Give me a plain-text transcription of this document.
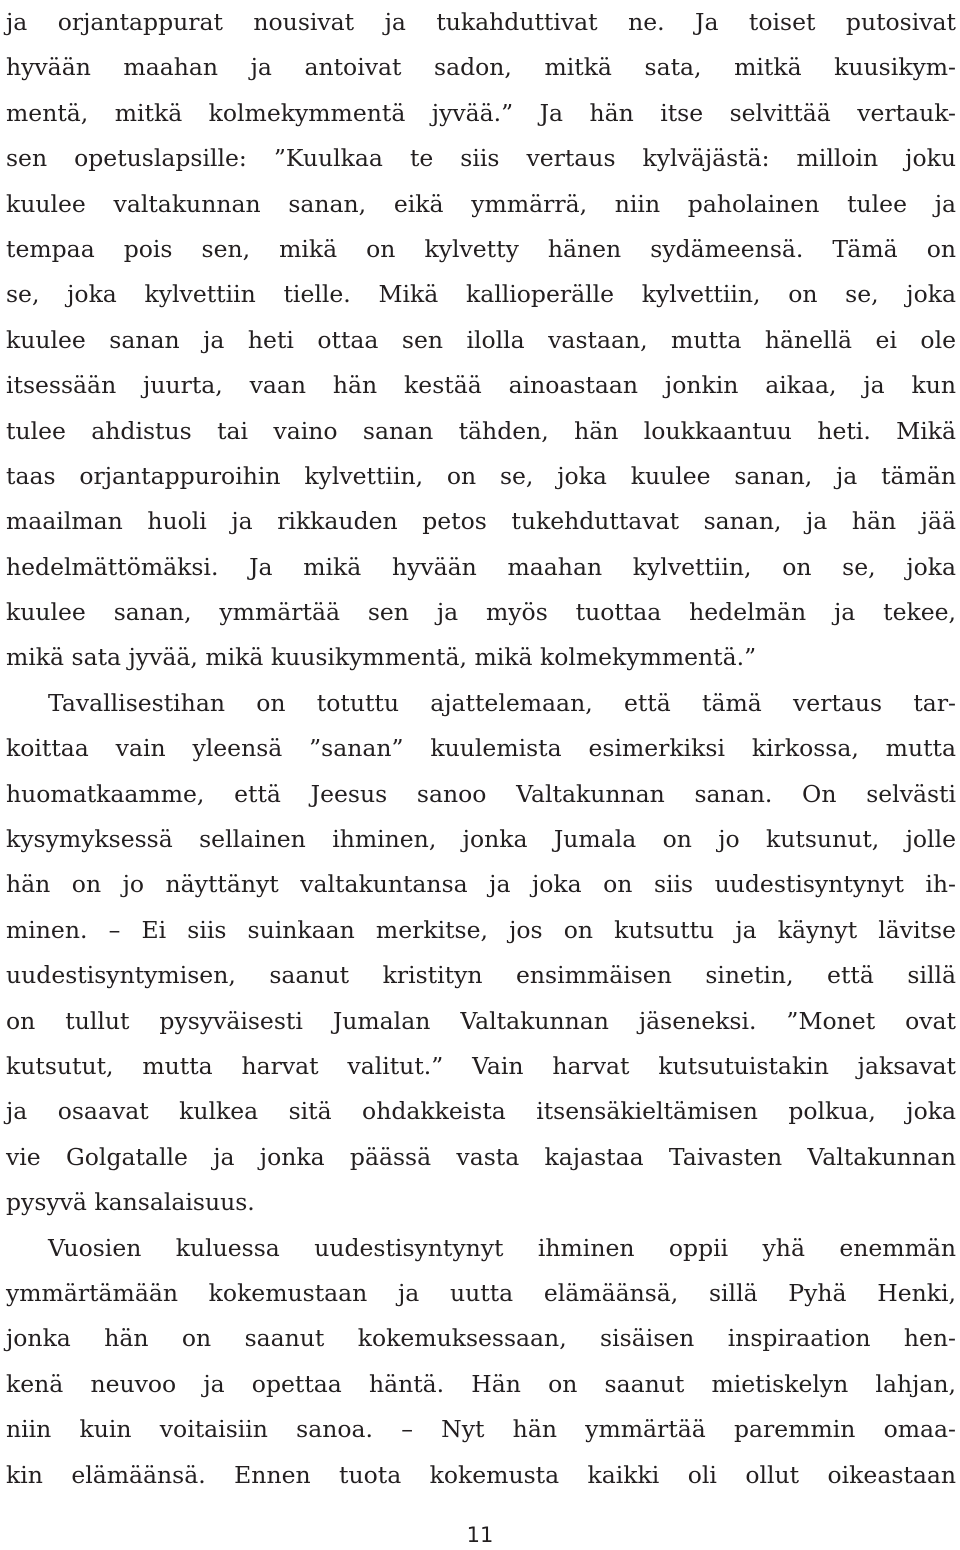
ja orjantappurat nousivat ja tukahduttivat ne. Ja toiset putosivat
hyvään maahan ja antoivat sadon, mitkä sata, mitkä kuusikym-
mentä, mitkä kolmekymmentä jyvää.” Ja hän itse selvittää vertauk-
sen opetuslapsille: ”Kuulkaa te siis vertaus kylväjästä: milloin joku
kuulee valtakunnan sanan, eikä ymmärrä, niin paholainen tulee ja
tempaa pois sen, mikä on kylvetty hänen sydämeensä. Tämä on
se, joka kylvettiin tielle. Mikä kallioperälle kylvettiin, on se, joka
kuulee sanan ja heti ottaa sen ilolla vastaan, mutta hänellä ei ole
itsessään juurta, vaan hän kestää ainoastaan jonkin aikaa, ja kun
tulee ahdistus tai vaino sanan tähden, hän loukkaantuu heti. Mikä
taas orjantappuroihin kylvettiin, on se, joka kuulee sanan, ja tämän
maailman huoli ja rikkauden petos tukehduttavat sanan, ja hän jää
hedelmättömäksi. Ja mikä hyvään maahan kylvettiin, on se, joka
kuulee sanan, ymmärtää sen ja myös tuottaa hedelmän ja tekee,
mikä sata jyvää, mikä kuusikymmentä, mikä kolmekymmentä.”
Tavallisestihan on totuttu ajattelemaan, että tämä vertaus tar-
koittaa vain yleensä ”sanan” kuulemista esimerkiksi kirkossa, mutta
huomatkaamme, että Jeesus sanoo Valtakunnan sanan. On selvästi
kysymyksessä sellainen ihminen, jonka Jumala on jo kutsunut, jolle
hän on jo näyttänyt valtakuntansa ja joka on siis uudestisyntynyt ih-
minen. – Ei siis suinkaan merkitse, jos on kutsuttu ja käynyt lävitse
uudestisyntymisen, saanut kristityn ensimmäisen sinetin, että sillä
on tullut pysyväisesti Jumalan Valtakunnan jäseneksi. ”Monet ovat
kutsutut, mutta harvat valitut.” Vain harvat kutsutuistakin jaksavat
ja osaavat kulkea sitä ohdakkeista itsensäkieltämisen polkua, joka
vie Golgatalle ja jonka päässä vasta kajastaa Taivasten Valtakunnan
pysyvä kansalaisuus.
Vuosien kuluessa uudestisyntynyt ihminen oppii yhä enemmän
ymmärtämään kokemustaan ja uutta elämäänsä, sillä Pyhä Henki,
jonka hän on saanut kokemuksessaan, sisäisen inspiraation hen-
kenä neuvoo ja opettaa häntä. Hän on saanut mietiskelyn lahjan,
niin kuin voitaisiin sanoa. – Nyt hän ymmärtää paremmin omaa-
kin elämäänsä. Ennen tuota kokemusta kaikki oli ollut oikeastaan
11
